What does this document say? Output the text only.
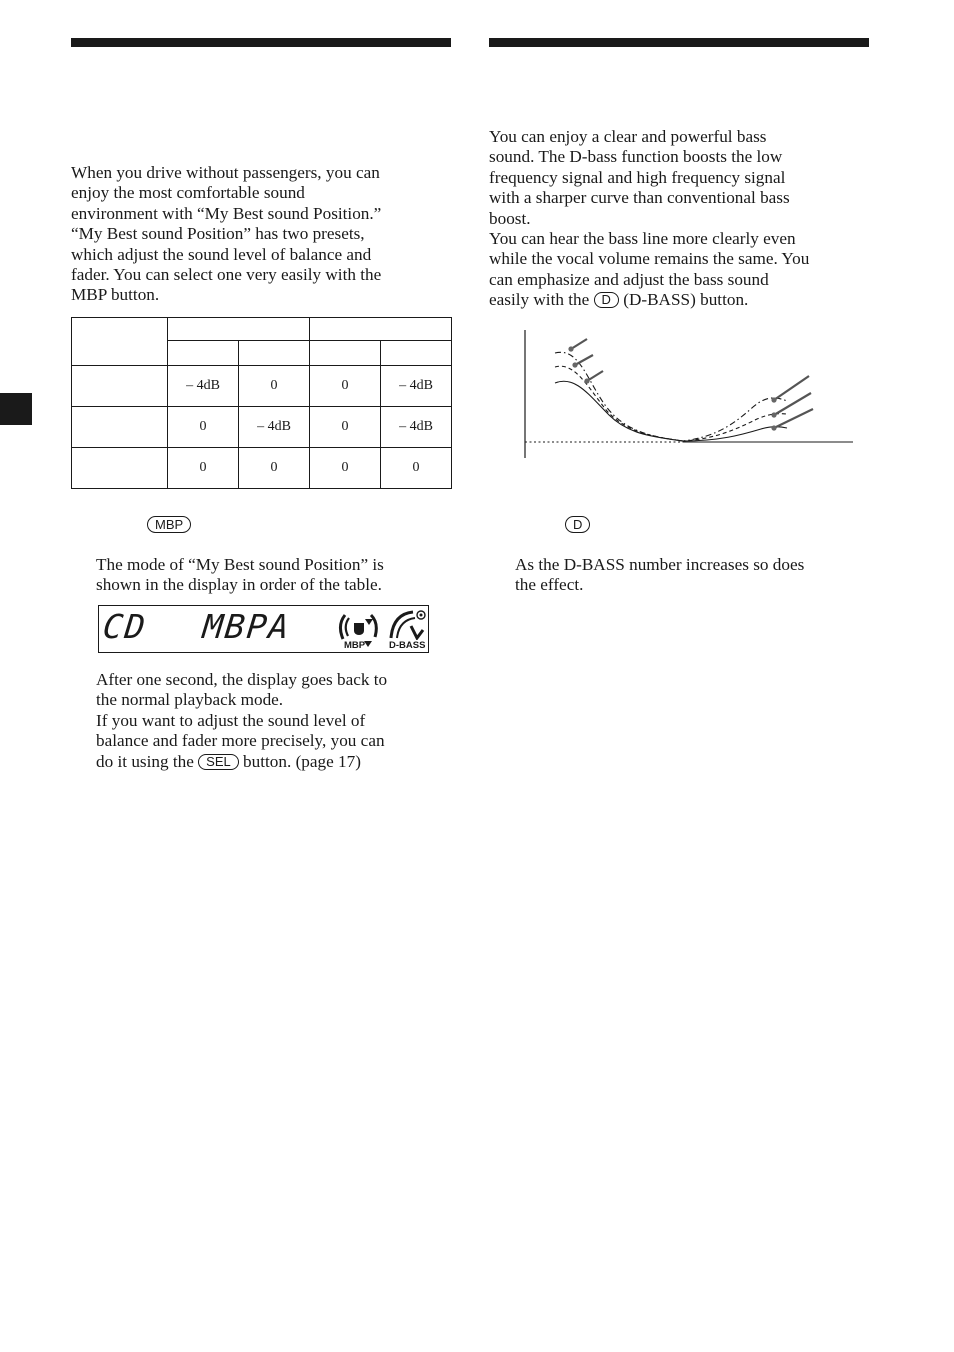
When you drive without passengers, you can
enjoy the most comfortable sound
environment with “My Best sound Position.”
“My Best sound Position” has two presets,
which adjust the sound level of balance and
fader. You can select one very easily with the
MBP button.

	– 4dB	0	0	– 4dB
	0	– 4dB	0	– 4dB
	0	0	0	0
MBP

The mode of “My Best sound Position” is
shown in the display in order of the table.

CD MBPA	MBP	D-BASS

After one second, the display goes back to
the normal playback mode.
If you want to adjust the sound level of
balance and fader more precisely, you can

do it using the SEL button. (page 17)

You can enjoy a clear and powerful bass
sound. The D-bass function boosts the low
frequency signal and high frequency signal
with a sharper curve than conventional bass
boost.
You can hear the bass line more clearly even
while the vocal volume remains the same. You
can emphasize and adjust the bass sound

easily with the D (D-BASS) button.

D

As the D-BASS number increases so does
the effect.
